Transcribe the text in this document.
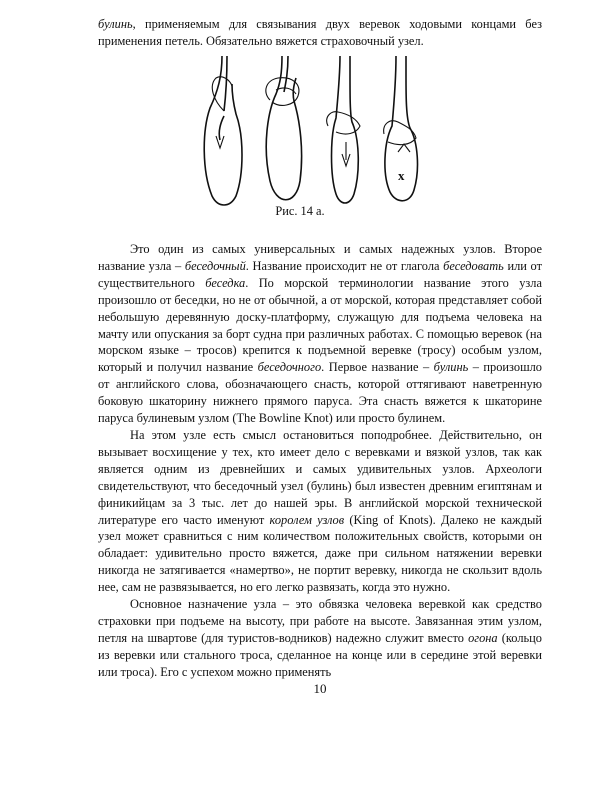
булинь, применяемым для связывания двух веревок ходовыми концами без применения петель. Обязательно вяжется страховочный узел.

x
Рис. 14 а.

Это один из самых универсальных и самых надежных узлов. Второе название узла – беседочный. Название происходит не от глагола беседовать или от существительного беседка. По морской терминологии название этого узла произошло от беседки, но не от обычной, а от морской, которая представляет собой небольшую деревянную доску-платформу, служащую для подъема человека на мачту или опускания за борт судна при различных работах. С помощью веревок (на морском языке – тросов) крепится к подъемной веревке (тросу) особым узлом, который и получил название беседочного. Первое название – булинь – произошло от английского слова, обозначающего снасть, которой оттягивают наветренную боковую шкаторину нижнего прямого паруса. Эта снасть вяжется к шкаторине паруса булиневым узлом (The Bowline Knot) или просто булинем.

На этом узле есть смысл остановиться поподробнее. Действительно, он вызывает восхищение у тех, кто имеет дело с веревками и вязкой узлов, так как является одним из древнейших и самых удивительных узлов. Археологи свидетельствуют, что беседочный узел (булинь) был известен древним египтянам и финикийцам за 3 тыс. лет до нашей эры. В английской морской технической литературе его часто именуют королем узлов (King of Knots). Далеко не каждый узел может сравниться с ним количеством положительных свойств, которыми он обладает: удивительно просто вяжется, даже при сильном натяжении веревки никогда не затягивается «намертво», не портит веревку, никогда не скользит вдоль нее, сам не развязывается, но его легко развязать, когда это нужно.

Основное назначение узла – это обвязка человека веревкой как средство страховки при подъеме на высоту, при работе на высоте. Завязанная этим узлом, петля на швартове (для туристов-водников) надежно служит вместо огона (кольцо из веревки или стального троса, сделанное на конце или в середине этой веревки или троса). Его с успехом можно применять

10
